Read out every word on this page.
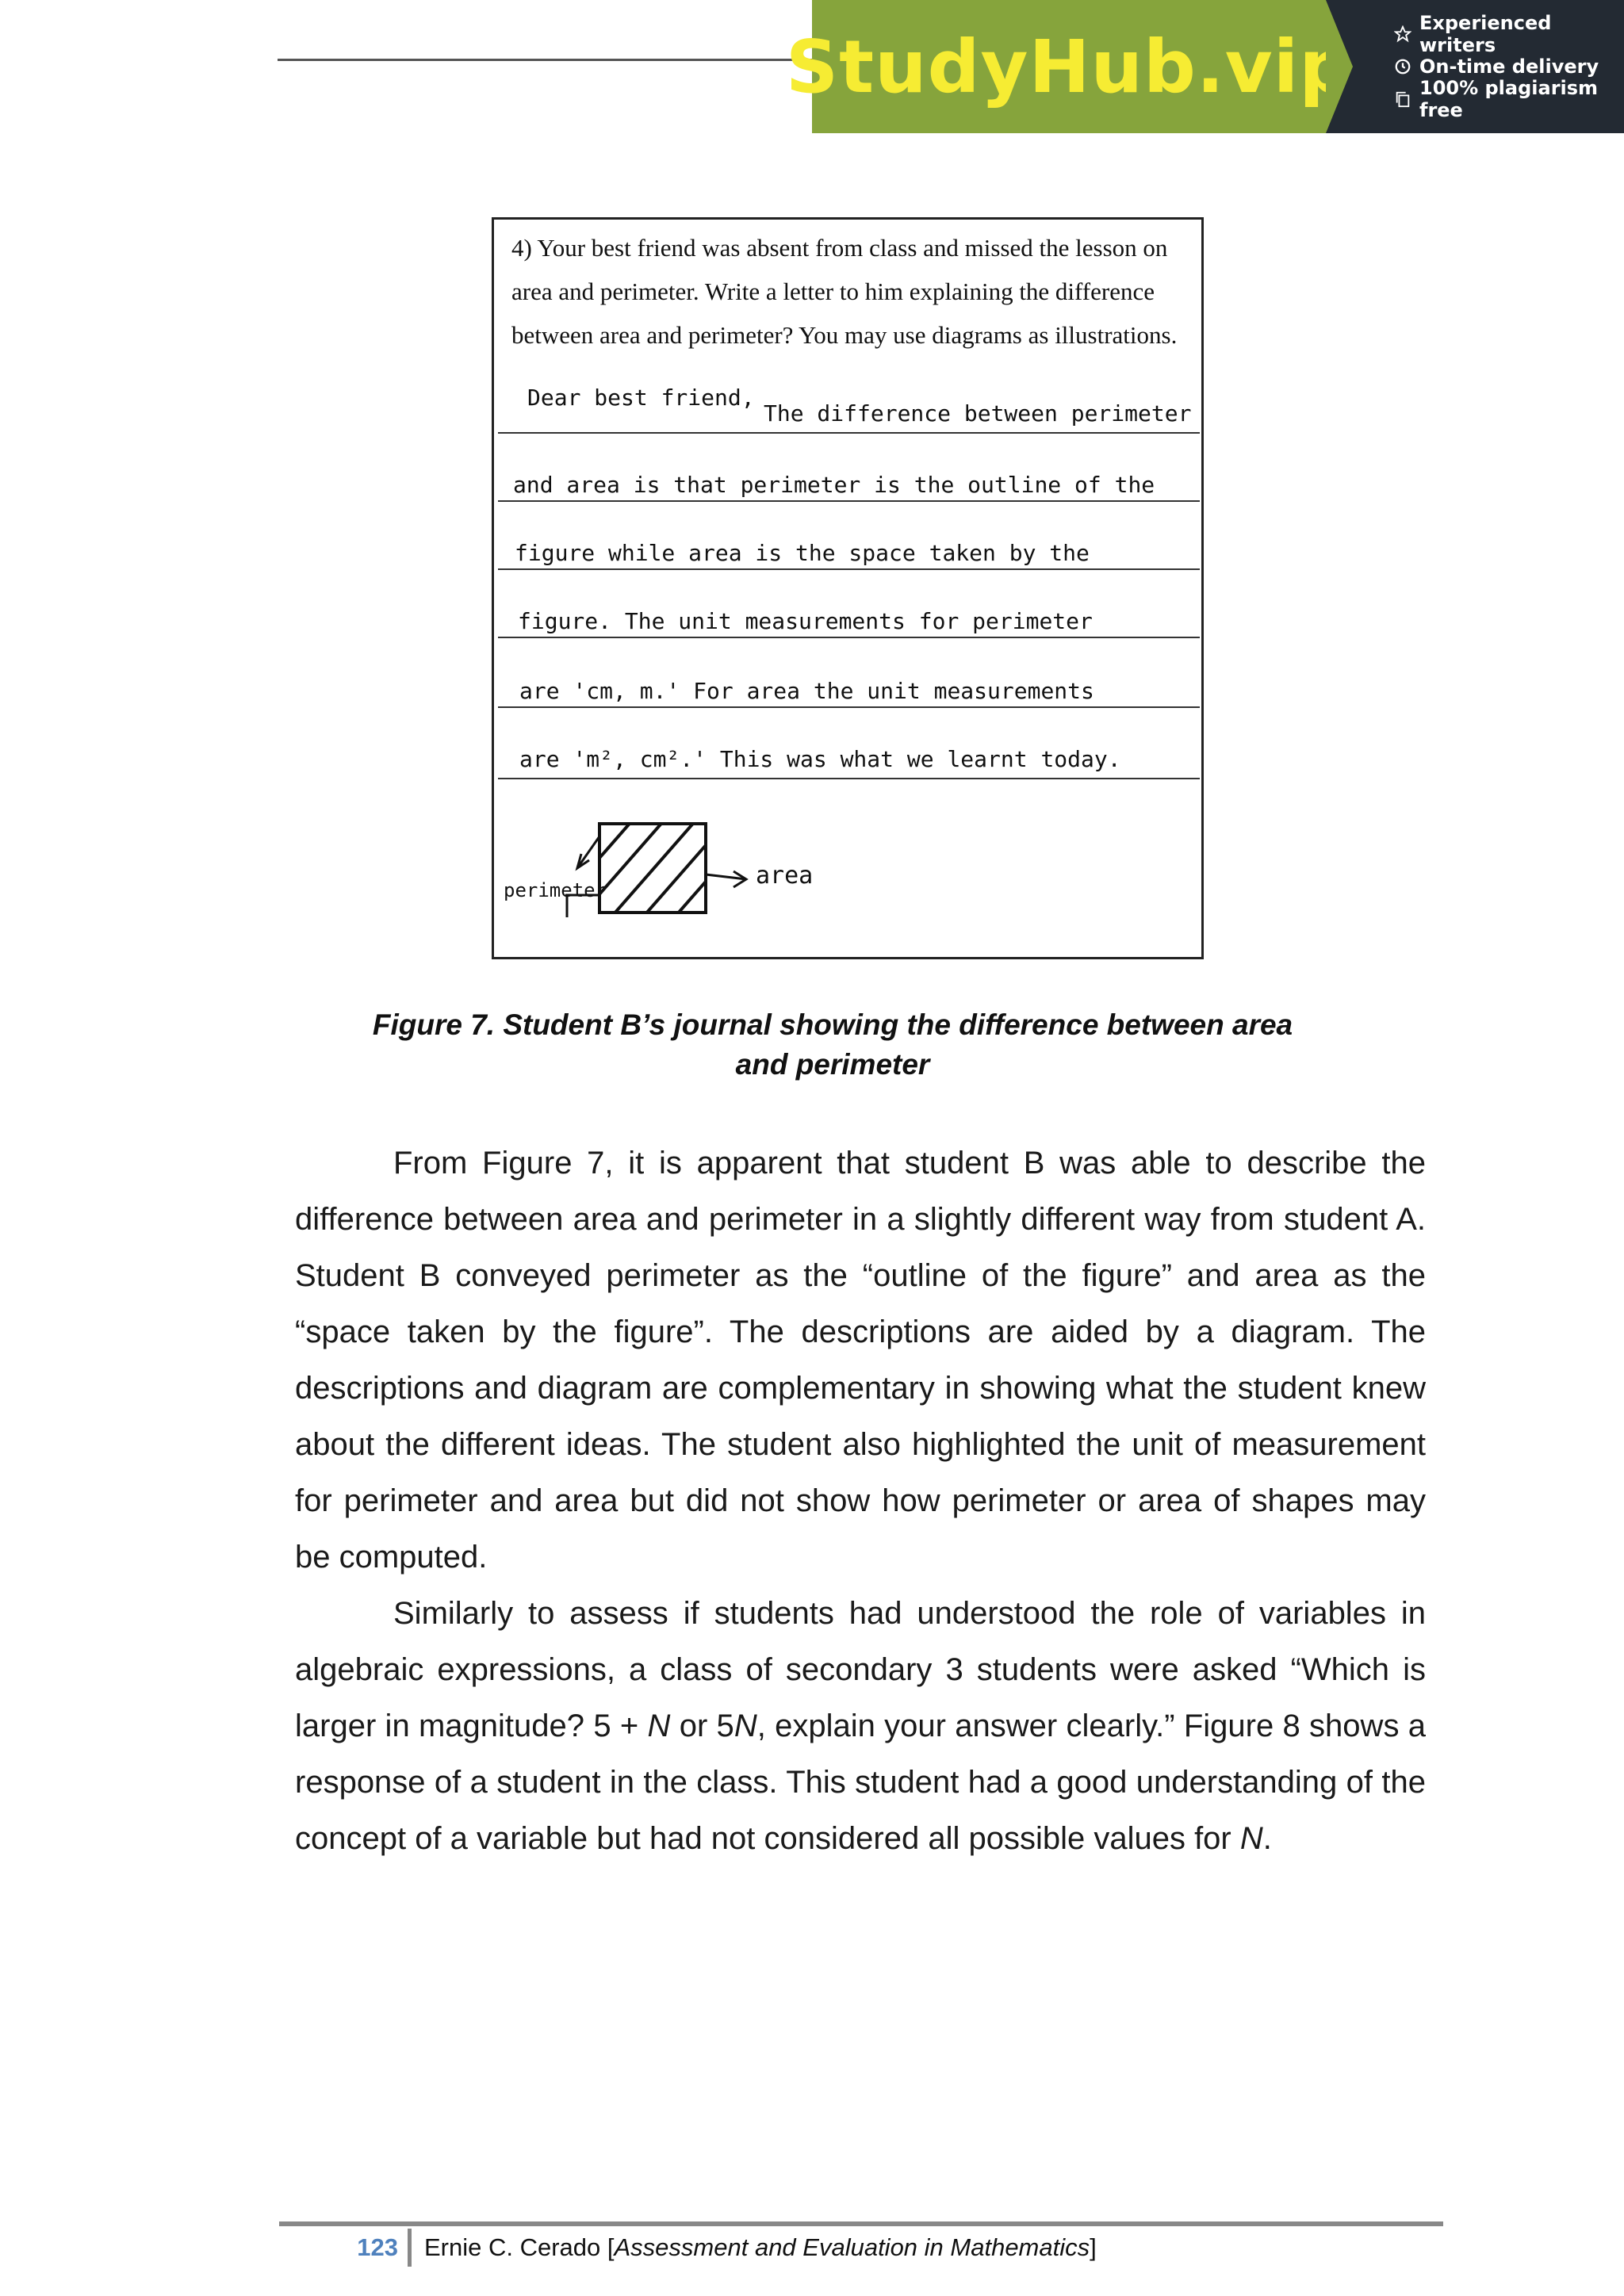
StudyHub.vip
Experienced writers
On-time delivery
100% plagiarism free
4) Your best friend was absent from class and missed the lesson on area and perimeter. Write a letter to him explaining the difference between area and perimeter? You may use diagrams as illustrations.
Dear best friend,
The difference between perimeter
and area is that perimeter is the outline of the
figure while area is the space taken by the
figure. The unit measurements for perimeter
are 'cm, m.' For area the unit measurements
are 'm², cm².' This was what we learnt today.
perimeter
area
Figure 7. Student B’s journal showing the difference between area
and perimeter

From Figure 7, it is apparent that student B was able to describe the difference between area and perimeter in a slightly different way from student A. Student B conveyed perimeter as the “outline of the figure” and area as the “space taken by the figure”. The descriptions are aided by a diagram. The descriptions and diagram are complementary in showing what the student knew about the different ideas. The student also highlighted the unit of measurement for perimeter and area but did not show how perimeter or area of shapes may be computed.

Similarly to assess if students had understood the role of variables in algebraic expressions, a class of secondary 3 students were asked “Which is larger in magnitude? 5 + N or 5N, explain your answer clearly.” Figure 8 shows a response of a student in the class. This student had a good understanding of the concept of a variable but had not considered all possible values for N.

123	Ernie C. Cerado [Assessment and Evaluation in Mathematics]
